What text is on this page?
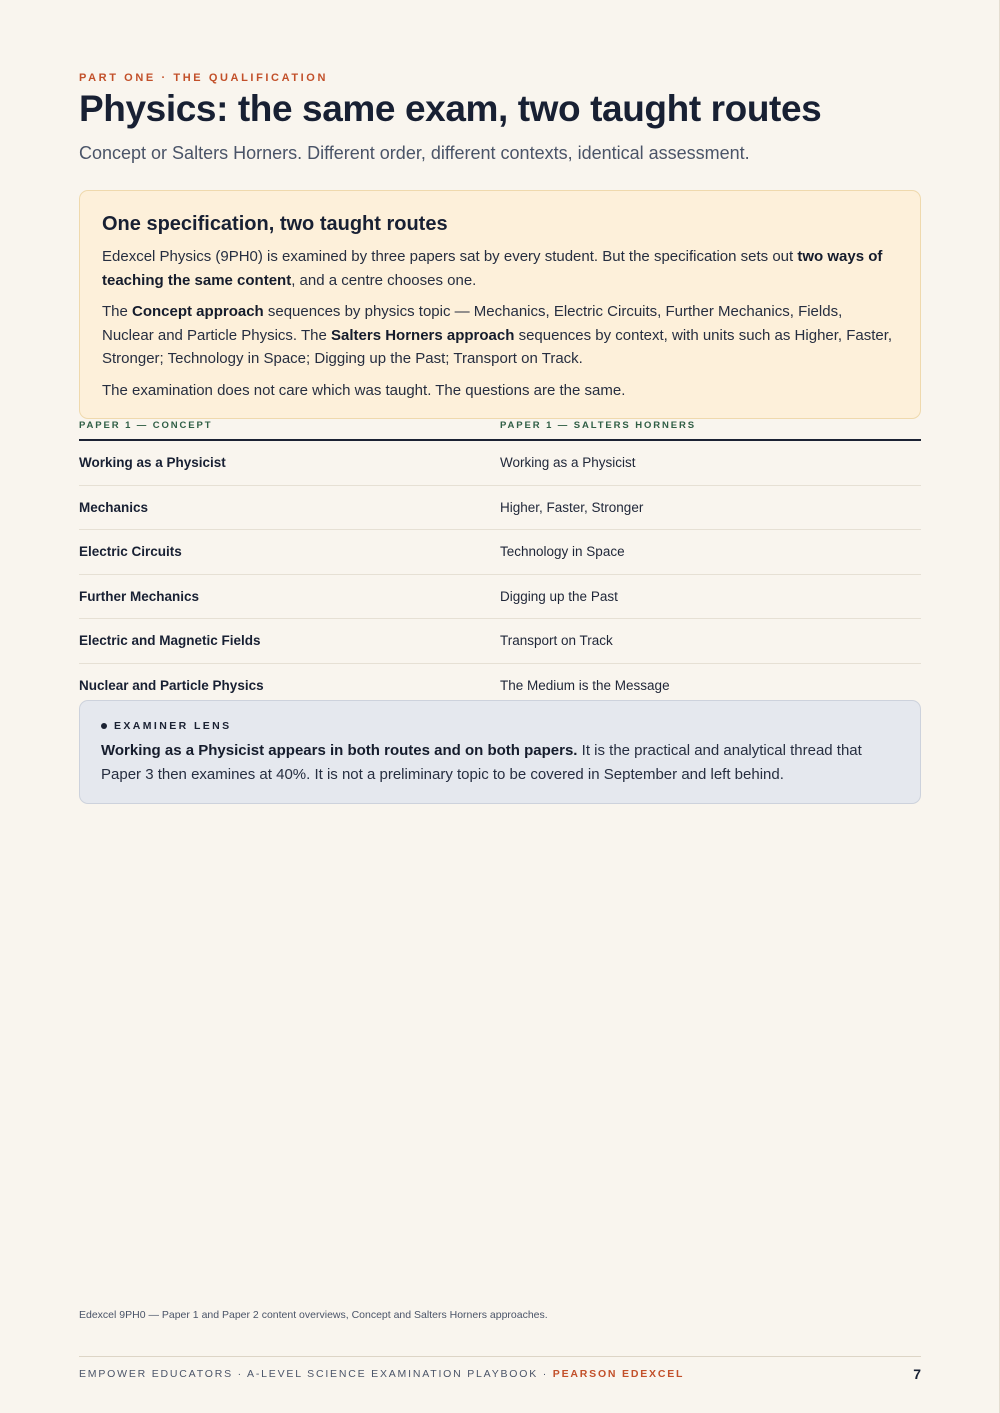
PART ONE · THE QUALIFICATION
Physics: the same exam, two taught routes

Concept or Salters Horners. Different order, different contexts, identical assessment.

One specification, two taught routes

Edexcel Physics (9PH0) is examined by three papers sat by every student. But the specification sets out two ways of teaching the same content, and a centre chooses one.

The Concept approach sequences by physics topic — Mechanics, Electric Circuits, Further Mechanics, Fields, Nuclear and Particle Physics. The Salters Horners approach sequences by context, with units such as Higher, Faster, Stronger; Technology in Space; Digging up the Past; Transport on Track.

The examination does not care which was taught. The questions are the same.

PAPER 1 — CONCEPT	PAPER 1 — SALTERS HORNERS
Working as a Physicist	Working as a Physicist
Mechanics	Higher, Faster, Stronger
Electric Circuits	Technology in Space
Further Mechanics	Digging up the Past
Electric and Magnetic Fields	Transport on Track
Nuclear and Particle Physics	The Medium is the Message
EXAMINER LENS

Working as a Physicist appears in both routes and on both papers. It is the practical and analytical thread that Paper 3 then examines at 40%. It is not a preliminary topic to be covered in September and left behind.

Edexcel 9PH0 — Paper 1 and Paper 2 content overviews, Concept and Salters Horners approaches.
EMPOWER EDUCATORS · A-LEVEL SCIENCE EXAMINATION PLAYBOOK · PEARSON EDEXCEL	7
